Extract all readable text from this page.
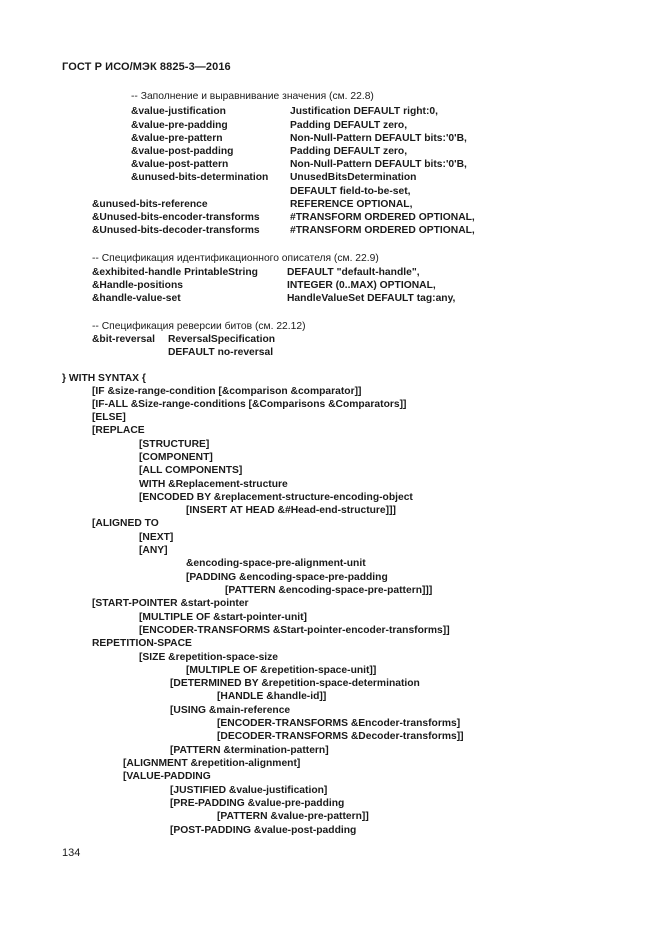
ГОСТ Р ИСО/МЭК 8825-3—2016
-- Заполнение и выравнивание значения (см. 22.8)
&value-justification	Justification DEFAULT right:0,
&value-pre-padding	Padding DEFAULT zero,
&value-pre-pattern	Non-Null-Pattern DEFAULT bits:'0'B,
&value-post-padding	Padding DEFAULT zero,
&value-post-pattern	Non-Null-Pattern DEFAULT bits:'0'B,
&unused-bits-determination UnusedBitsDetermination
DEFAULT field-to-be-set,
&unused-bits-reference	REFERENCE OPTIONAL,
&Unused-bits-encoder-transforms	#TRANSFORM ORDERED OPTIONAL,
&Unused-bits-decoder-transforms	#TRANSFORM ORDERED OPTIONAL,
-- Спецификация идентификационного описателя (см. 22.9)
&exhibited-handle PrintableString	DEFAULT "default-handle",
&Handle-positions	INTEGER (0..MAX) OPTIONAL,
&handle-value-set	HandleValueSet DEFAULT tag:any,
-- Спецификация реверсии битов (см. 22.12)
&bit-reversal ReversalSpecification
DEFAULT no-reversal
} WITH SYNTAX {
[IF &size-range-condition [&comparison &comparator]]
[IF-ALL &Size-range-conditions [&Comparisons &Comparators]]
[ELSE]
[REPLACE
[STRUCTURE]
[COMPONENT]
[ALL COMPONENTS]
WITH &Replacement-structure
[ENCODED BY &replacement-structure-encoding-object
[INSERT AT HEAD &#Head-end-structure]]]
[ALIGNED TO
[NEXT]
[ANY]
&encoding-space-pre-alignment-unit
[PADDING &encoding-space-pre-padding
[PATTERN &encoding-space-pre-pattern]]]
[START-POINTER &start-pointer
[MULTIPLE OF &start-pointer-unit]
[ENCODER-TRANSFORMS &Start-pointer-encoder-transforms]]
REPETITION-SPACE
[SIZE &repetition-space-size
[MULTIPLE OF &repetition-space-unit]]
[DETERMINED BY &repetition-space-determination
[HANDLE &handle-id]]
[USING &main-reference
[ENCODER-TRANSFORMS &Encoder-transforms]
[DECODER-TRANSFORMS &Decoder-transforms]]
[PATTERN &termination-pattern]
[ALIGNMENT &repetition-alignment]
[VALUE-PADDING
[JUSTIFIED &value-justification]
[PRE-PADDING &value-pre-padding
[PATTERN &value-pre-pattern]]
[POST-PADDING &value-post-padding
134
